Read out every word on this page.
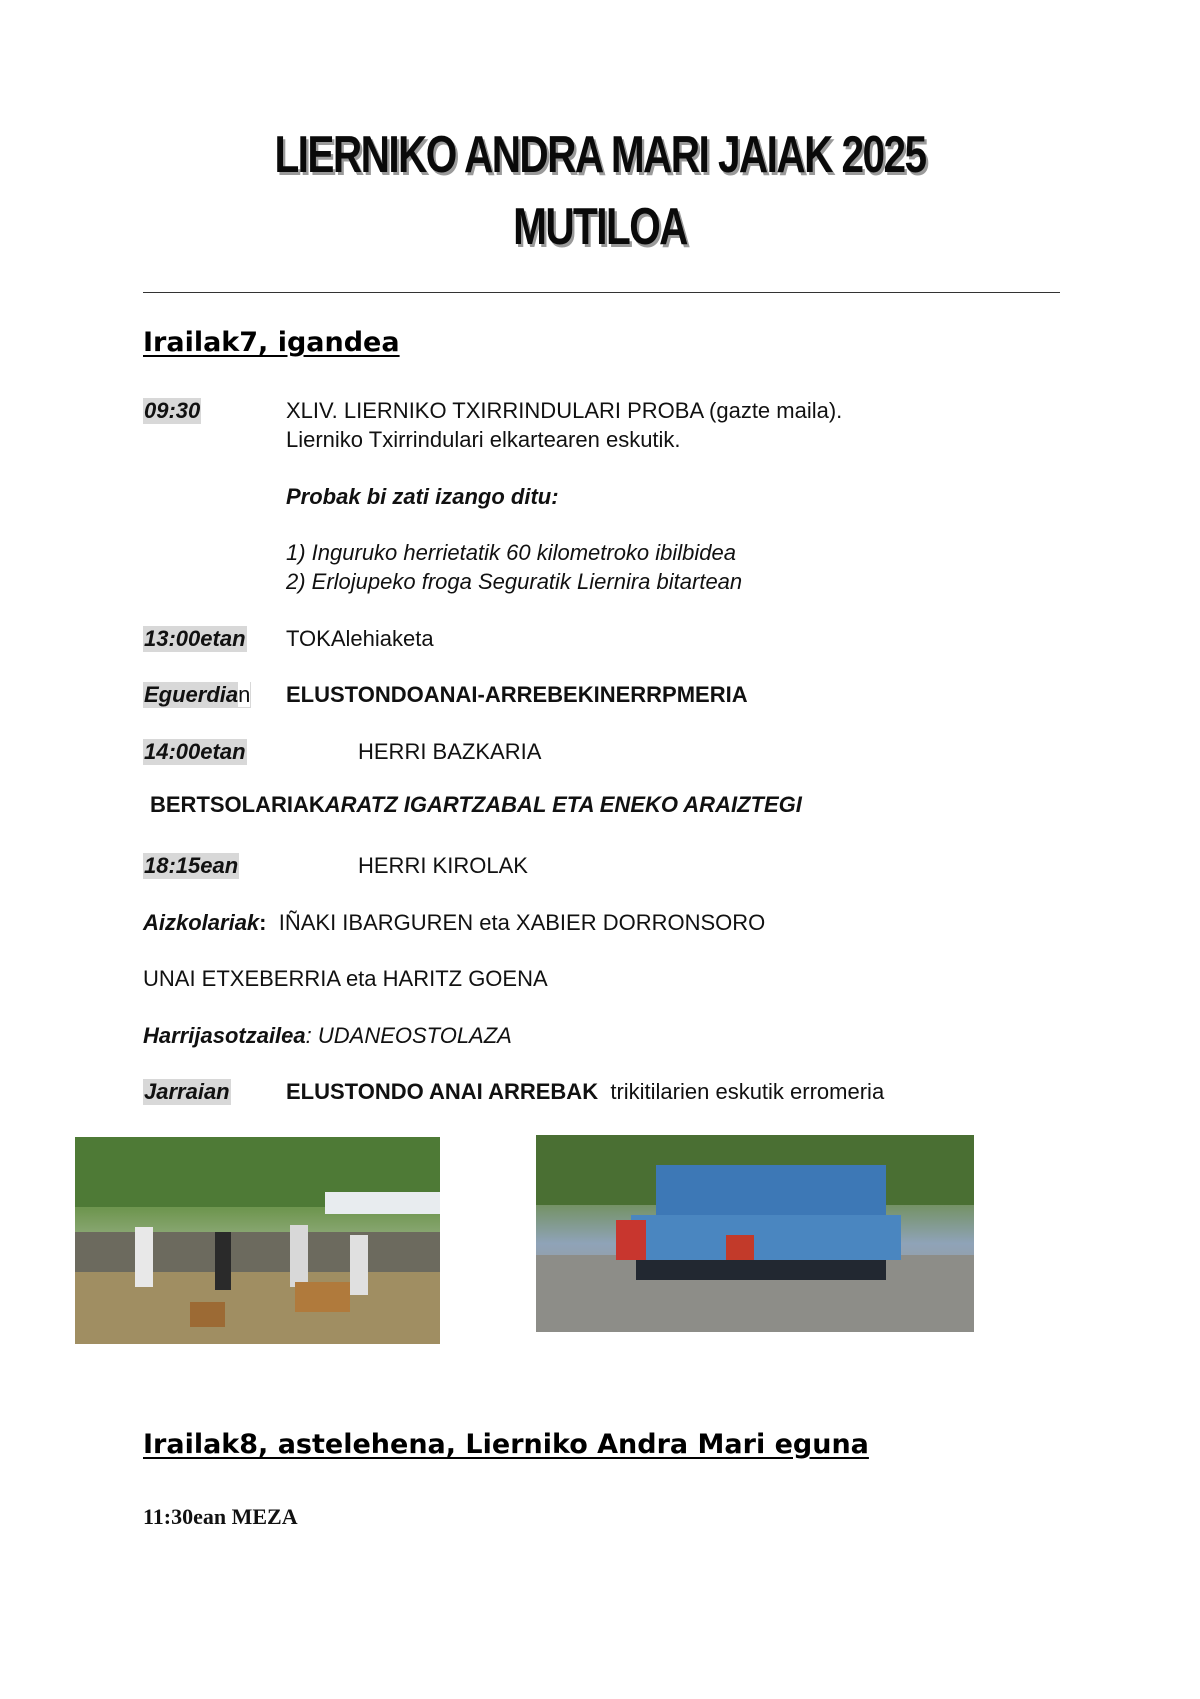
LIERNIKO ANDRA MARI JAIAK 2025
MUTILOA
Irailak7, igandea
09:30	XLIV. LIERNIKO TXIRRINDULARI PROBA (gazte maila).
Lierniko Txirrindulari elkartearen eskutik.
Probak bi zati izango ditu:
1) Inguruko herrietatik 60 kilometroko ibilbidea
2) Erlojupeko froga Seguratik Liernira bitartean
13:00etan TOKAlehiaketa
Eguerdian ELUSTONDOANAI-ARREBEKINERRPMERIA
14:00etan	HERRI BAZKARIA
BERTSOLARIAKARATZ IGARTZABAL ETA ENEKO ARAIZTEGI
18:15ean	HERRI KIROLAK
Aizkolariak: IÑAKI IBARGUREN eta XABIER DORRONSORO
UNAI ETXEBERRIA eta HARITZ GOENA
Harrijasotzailea: UDANEOSTOLAZA
Jarraian	ELUSTONDO ANAI ARREBAK trikitilarien eskutik erromeria
Irailak8, astelehena, Lierniko Andra Mari eguna
11:30ean MEZA
